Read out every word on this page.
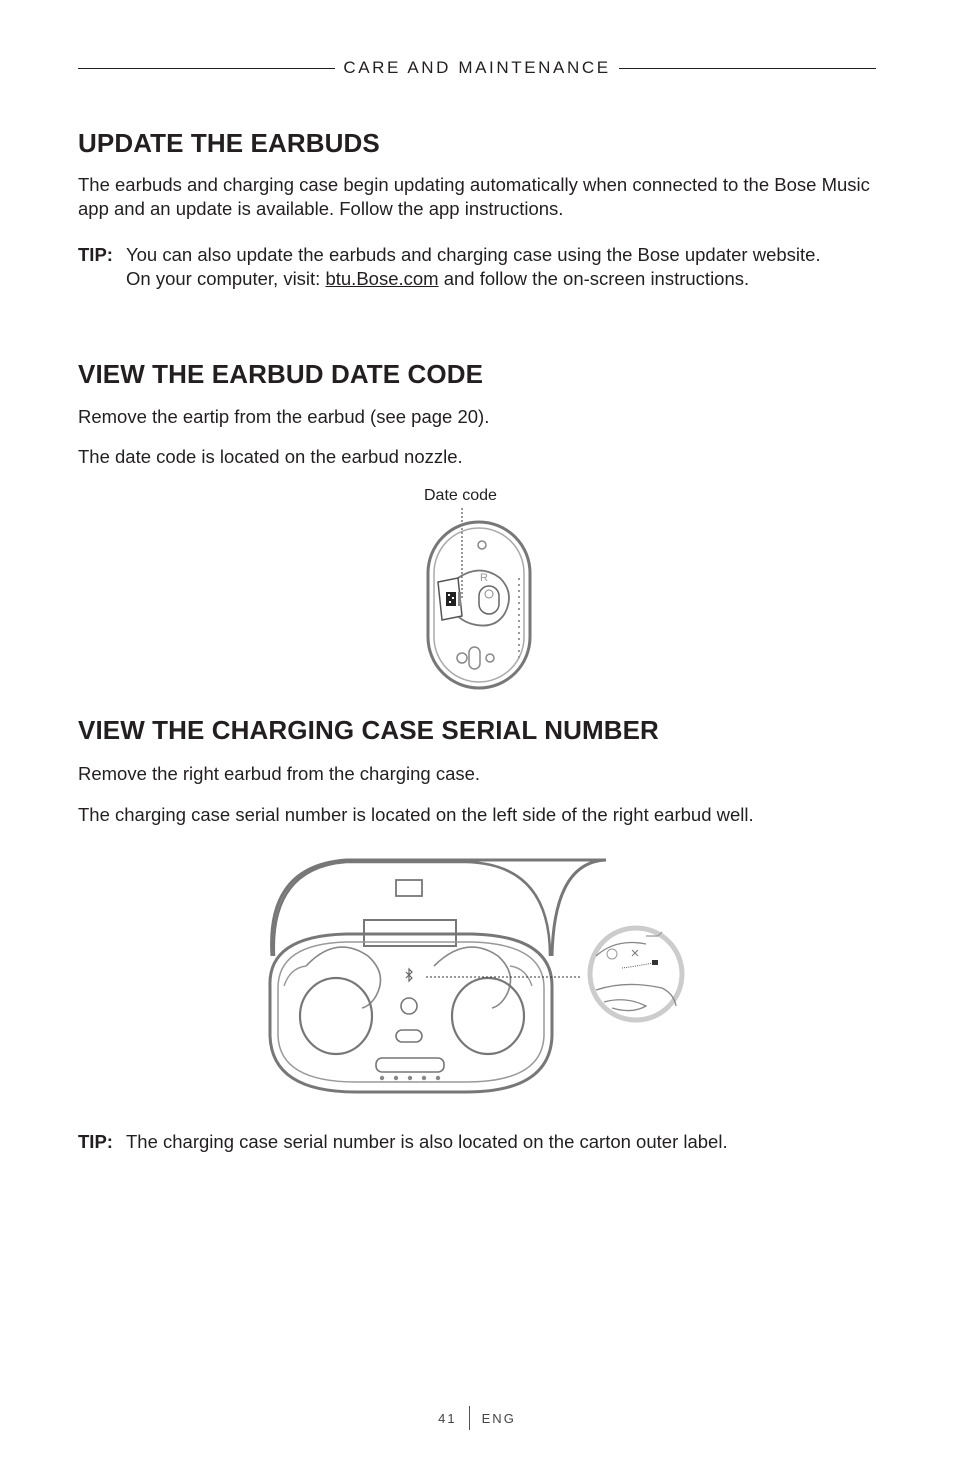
CARE AND MAINTENANCE
UPDATE THE EARBUDS

The earbuds and charging case begin updating automatically when connected to the Bose Music app and an update is available. Follow the app instructions.

TIP: You can also update the earbuds and charging case using the Bose updater website. On your computer, visit: btu.Bose.com and follow the on-screen instructions.
VIEW THE EARBUD DATE CODE

Remove the eartip from the earbud (see page 20).

The date code is located on the earbud nozzle.

Date code
R
VIEW THE CHARGING CASE SERIAL NUMBER

Remove the right earbud from the charging case.

The charging case serial number is located on the left side of the right earbud well.

TIP: The charging case serial number is also located on the carton outer label.
41 ENG
